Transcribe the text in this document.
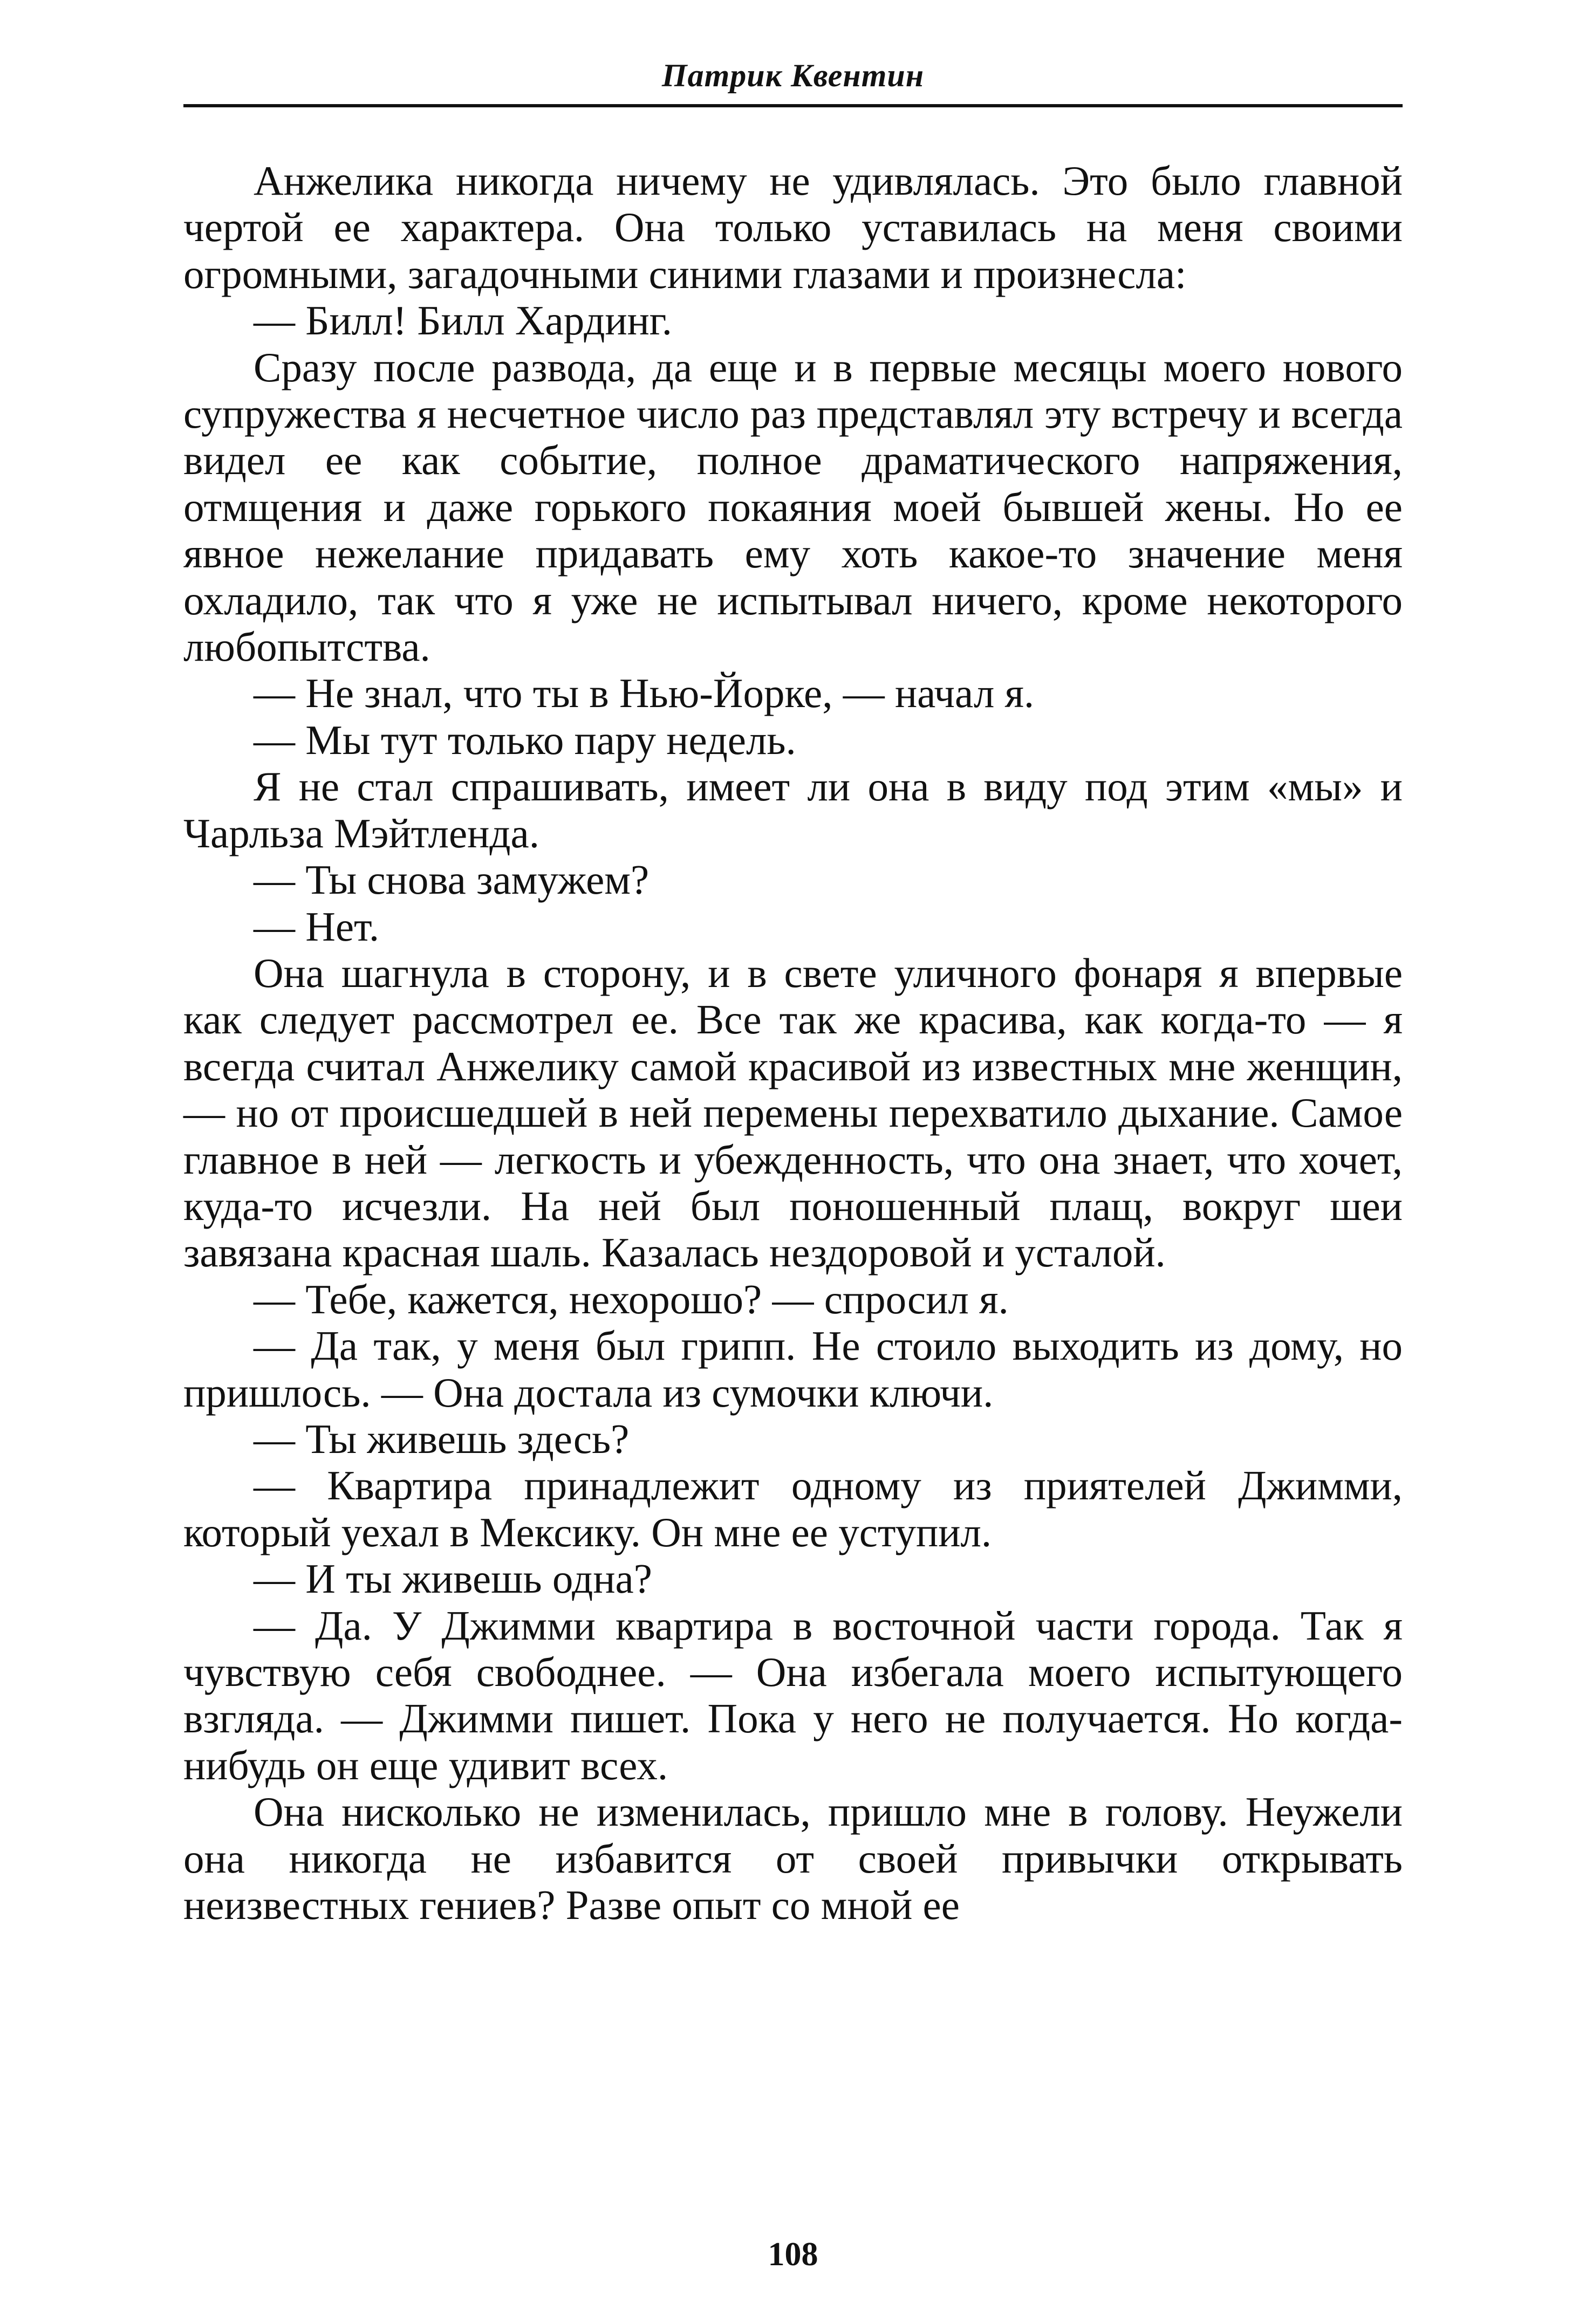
Патрик Квентин

Анжелика никогда ничему не удивлялась. Это было главной чертой ее характера. Она только уставилась на меня своими огромными, загадочными синими глазами и произнесла:

— Билл! Билл Хардинг.

Сразу после развода, да еще и в первые месяцы моего нового супружества я несчетное число раз представлял эту встречу и всегда видел ее как событие, полное драматического напряжения, отмщения и даже горького покаяния моей бывшей жены. Но ее явное нежелание придавать ему хоть какое-то значение меня охладило, так что я уже не испытывал ничего, кроме некоторого любопытства.

— Не знал, что ты в Нью-Йорке, — начал я.

— Мы тут только пару недель.

Я не стал спрашивать, имеет ли она в виду под этим «мы» и Чарльза Мэйтленда.

— Ты снова замужем?

— Нет.

Она шагнула в сторону, и в свете уличного фонаря я впервые как следует рассмотрел ее. Все так же красива, как когда-то — я всегда считал Анжелику самой красивой из известных мне женщин, — но от происшедшей в ней перемены перехватило дыхание. Самое главное в ней — легкость и убежденность, что она знает, что хочет, куда-то исчезли. На ней был поношенный плащ, вокруг шеи завязана красная шаль. Казалась нездоровой и усталой.

— Тебе, кажется, нехорошо? — спросил я.

— Да так, у меня был грипп. Не стоило выходить из дому, но пришлось. — Она достала из сумочки ключи.

— Ты живешь здесь?

— Квартира принадлежит одному из приятелей Джимми, который уехал в Мексику. Он мне ее уступил.

— И ты живешь одна?

— Да. У Джимми квартира в восточной части города. Так я чувствую себя свободнее. — Она избегала моего испытующего взгляда. — Джимми пишет. Пока у него не получается. Но когда-нибудь он еще удивит всех.

Она нисколько не изменилась, пришло мне в голову. Неужели она никогда не избавится от своей привычки открывать неизвестных гениев? Разве опыт со мной ее

108
